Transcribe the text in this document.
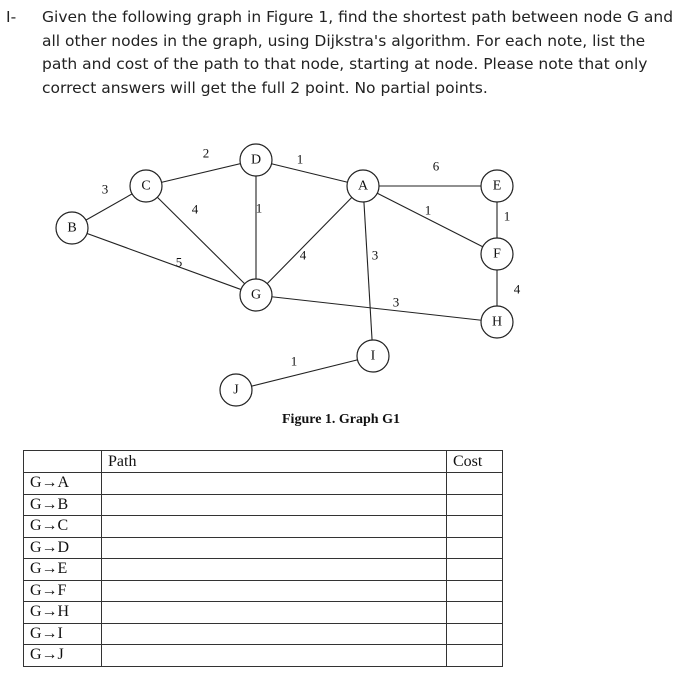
I- Given the following graph in Figure 1, find the shortest path between node G and all other nodes in the graph, using Dijkstra's algorithm. For each note, list the path and cost of the path to that node, starting at node. Please note that only correct answers will get the full 2 point. No partial points.
3
2
4
5
1
1
4	3
6
1	1
4
3
1
A
B
C
D
E
F
G
H
I
J
Figure 1. Graph G1
	Path	Cost
G→A		
G→B		
G→C		
G→D		
G→E		
G→F		
G→H		
G→I		
G→J		
